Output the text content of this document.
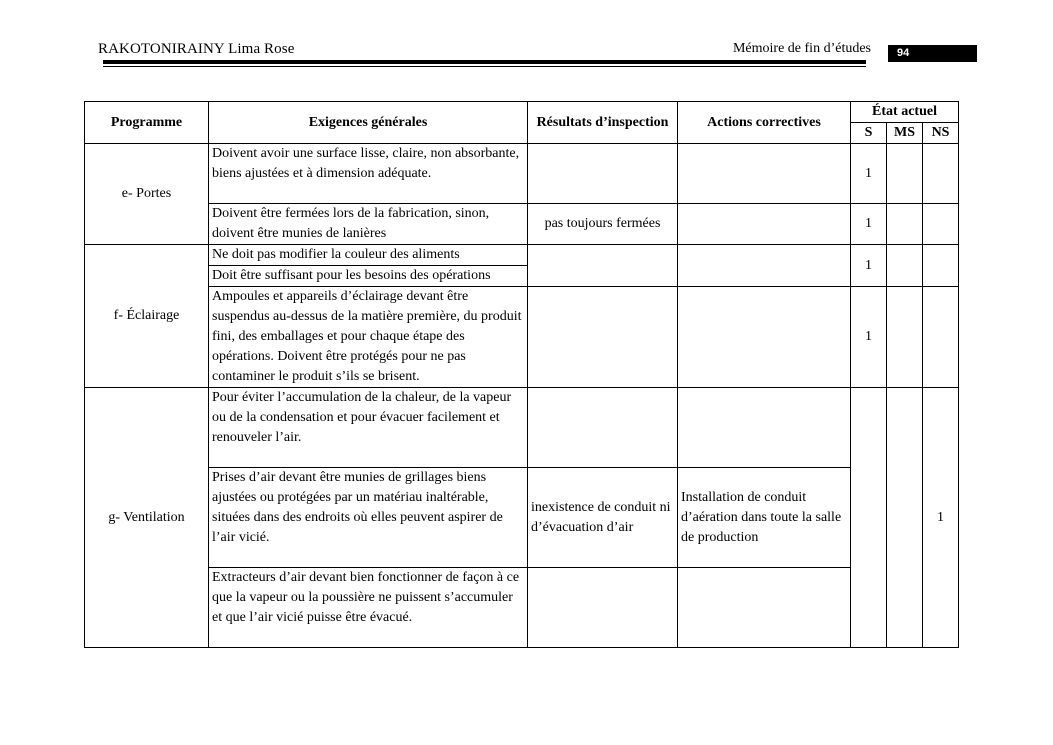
RAKOTONIRAINY Lima Rose	Mémoire de fin d’études	94
Programme	Exigences générales	Résultats d’inspection	Actions correctives	État actuel		
				S	MS	NS
e- Portes	Doivent avoir une surface lisse, claire, non absorbante, biens ajustées et à dimension adéquate.			1		
	Doivent être fermées lors de la fabrication, sinon, doivent être munies de lanières	pas toujours fermées		1		
f- Éclairage	Ne doit pas modifier la couleur des aliments			1		
	Doit être suffisant pour les besoins des opérations					
	Ampoules et appareils d’éclairage devant être suspendus au-dessus de la matière première, du produit fini, des emballages et pour chaque étape des opérations. Doivent être protégés pour ne pas contaminer le produit s’ils se brisent.			1		
g- Ventilation	Pour éviter l’accumulation de la chaleur, de la vapeur ou de la condensation et pour évacuer facilement et renouveler l’air.					1
	Prises d’air devant être munies de grillages biens ajustées ou protégées par un matériau inaltérable, situées dans des endroits où elles peuvent aspirer de l’air vicié.	inexistence de conduit ni d’évacuation d’air	Installation de conduit d’aération dans toute la salle de production			
	Extracteurs d’air devant bien fonctionner de façon à ce que la vapeur ou la poussière ne puissent s’accumuler et que l’air vicié puisse être évacué.					
